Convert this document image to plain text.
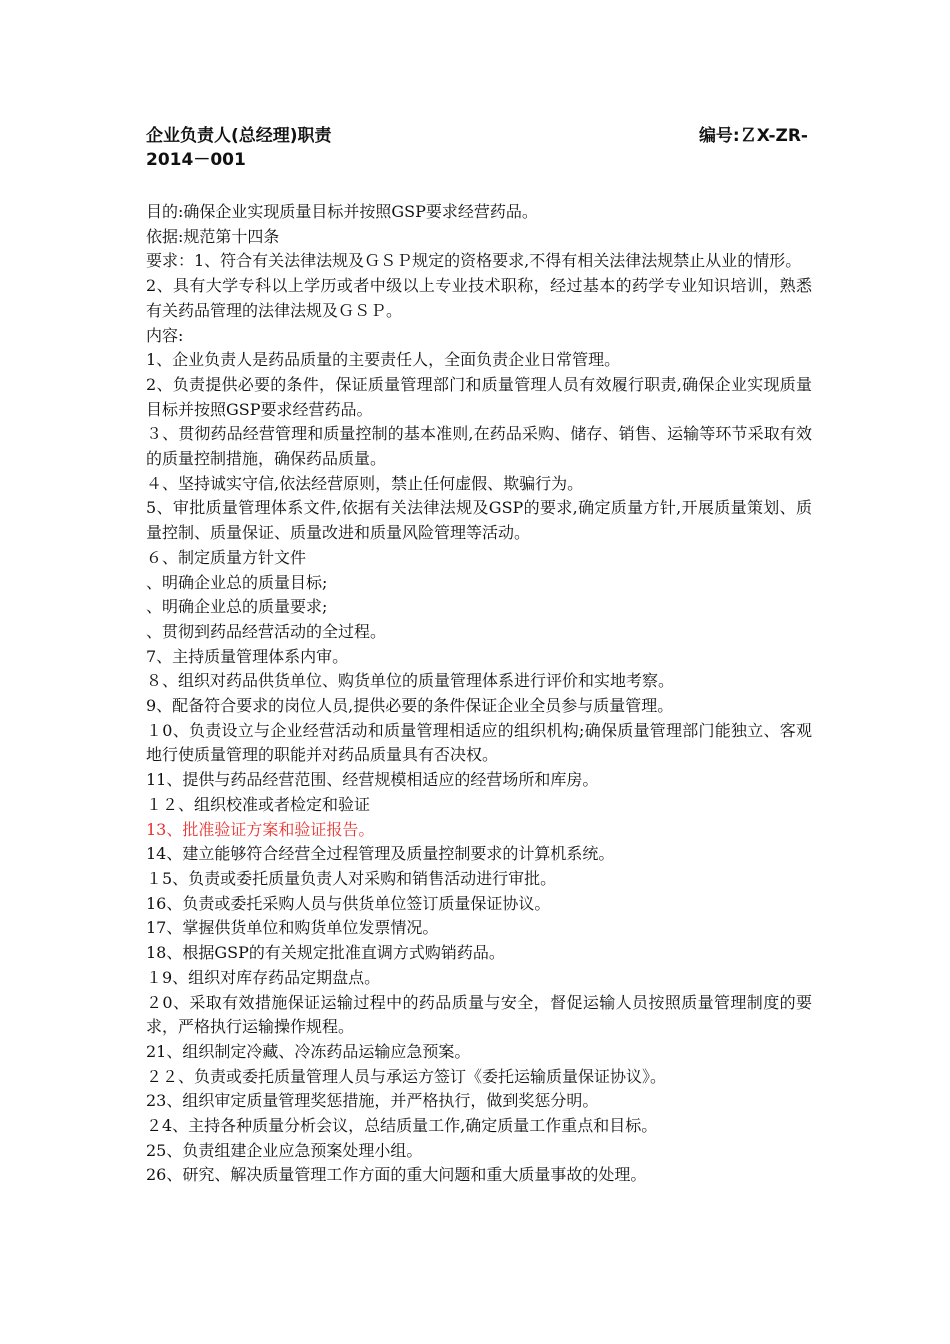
企业负责人(总经理)职责	编号:ＺX-ZR-
2014－001

目的:确保企业实现质量目标并按照GSP要求经营药品。

依据:规范第十四条

要求：1、符合有关法律法规及ＧＳＰ规定的资格要求,不得有相关法律法规禁止从业的情形。

2、具有大学专科以上学历或者中级以上专业技术职称，经过基本的药学专业知识培训，熟悉有关药品管理的法律法规及ＧＳＰ。

内容:

1、企业负责人是药品质量的主要责任人，全面负责企业日常管理。

2、负责提供必要的条件，保证质量管理部门和质量管理人员有效履行职责,确保企业实现质量目标并按照GSP要求经营药品。

３、贯彻药品经营管理和质量控制的基本准则,在药品采购、储存、销售、运输等环节采取有效的质量控制措施，确保药品质量。

４、坚持诚实守信,依法经营原则，禁止任何虚假、欺骗行为。

5、审批质量管理体系文件,依据有关法律法规及GSP的要求,确定质量方针,开展质量策划、质量控制、质量保证、质量改进和质量风险管理等活动。

６、制定质量方针文件

、明确企业总的质量目标;

、明确企业总的质量要求;

、贯彻到药品经营活动的全过程。

7、主持质量管理体系内审。

８、组织对药品供货单位、购货单位的质量管理体系进行评价和实地考察。

9、配备符合要求的岗位人员,提供必要的条件保证企业全员参与质量管理。

１0、负责设立与企业经营活动和质量管理相适应的组织机构;确保质量管理部门能独立、客观地行使质量管理的职能并对药品质量具有否决权。

11、提供与药品经营范围、经营规模相适应的经营场所和库房。

１２、组织校准或者检定和验证

13、批准验证方案和验证报告。

14、建立能够符合经营全过程管理及质量控制要求的计算机系统。

１5、负责或委托质量负责人对采购和销售活动进行审批。

16、负责或委托采购人员与供货单位签订质量保证协议。

17、掌握供货单位和购货单位发票情况。

18、根据GSP的有关规定批准直调方式购销药品。

１9、组织对库存药品定期盘点。

２0、采取有效措施保证运输过程中的药品质量与安全，督促运输人员按照质量管理制度的要求，严格执行运输操作规程。

21、组织制定冷藏、冷冻药品运输应急预案。

２２、负责或委托质量管理人员与承运方签订《委托运输质量保证协议》。

23、组织审定质量管理奖惩措施，并严格执行，做到奖惩分明。

２4、主持各种质量分析会议，总结质量工作,确定质量工作重点和目标。

25、负责组建企业应急预案处理小组。

26、研究、解决质量管理工作方面的重大问题和重大质量事故的处理。
